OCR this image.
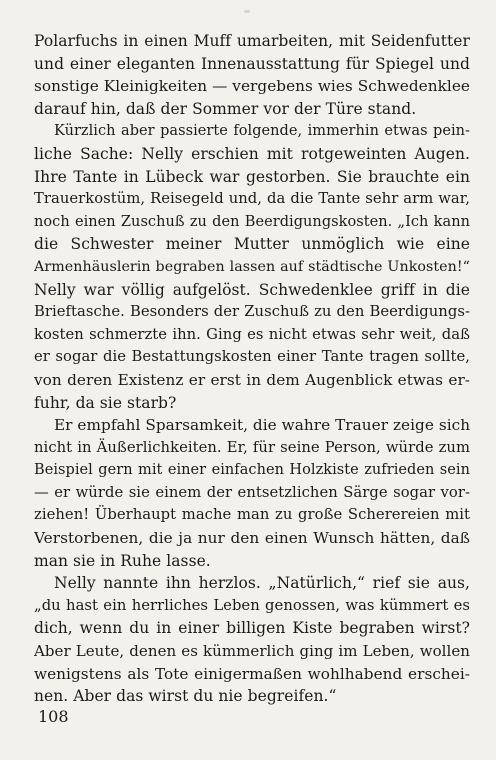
Polarfuchs in einen Muff umarbeiten, mit Seidenfutter
und einer eleganten Innenausstattung für Spiegel und
sonstige Kleinigkeiten — vergebens wies Schwedenklee
darauf hin, daß der Sommer vor der Türe stand.
Kürzlich aber passierte folgende, immerhin etwas pein-
liche Sache: Nelly erschien mit rotgeweinten Augen.
Ihre Tante in Lübeck war gestorben. Sie brauchte ein
Trauerkostüm, Reisegeld und, da die Tante sehr arm war,
noch einen Zuschuß zu den Beerdigungskosten. „Ich kann
die Schwester meiner Mutter unmöglich wie eine
Armenhäuslerin begraben lassen auf städtische Unkosten!“
Nelly war völlig aufgelöst. Schwedenklee griff in die
Brieftasche. Besonders der Zuschuß zu den Beerdigungs-
kosten schmerzte ihn. Ging es nicht etwas sehr weit, daß
er sogar die Bestattungskosten einer Tante tragen sollte,
von deren Existenz er erst in dem Augenblick etwas er-
fuhr, da sie starb?
Er empfahl Sparsamkeit, die wahre Trauer zeige sich
nicht in Äußerlichkeiten. Er, für seine Person, würde zum
Beispiel gern mit einer einfachen Holzkiste zufrieden sein
— er würde sie einem der entsetzlichen Särge sogar vor-
ziehen! Überhaupt mache man zu große Scherereien mit
Verstorbenen, die ja nur den einen Wunsch hätten, daß
man sie in Ruhe lasse.
Nelly nannte ihn herzlos. „Natürlich,“ rief sie aus,
„du hast ein herrliches Leben genossen, was kümmert es
dich, wenn du in einer billigen Kiste begraben wirst?
Aber Leute, denen es kümmerlich ging im Leben, wollen
wenigstens als Tote einigermaßen wohlhabend erschei-
nen. Aber das wirst du nie begreifen.“
108
